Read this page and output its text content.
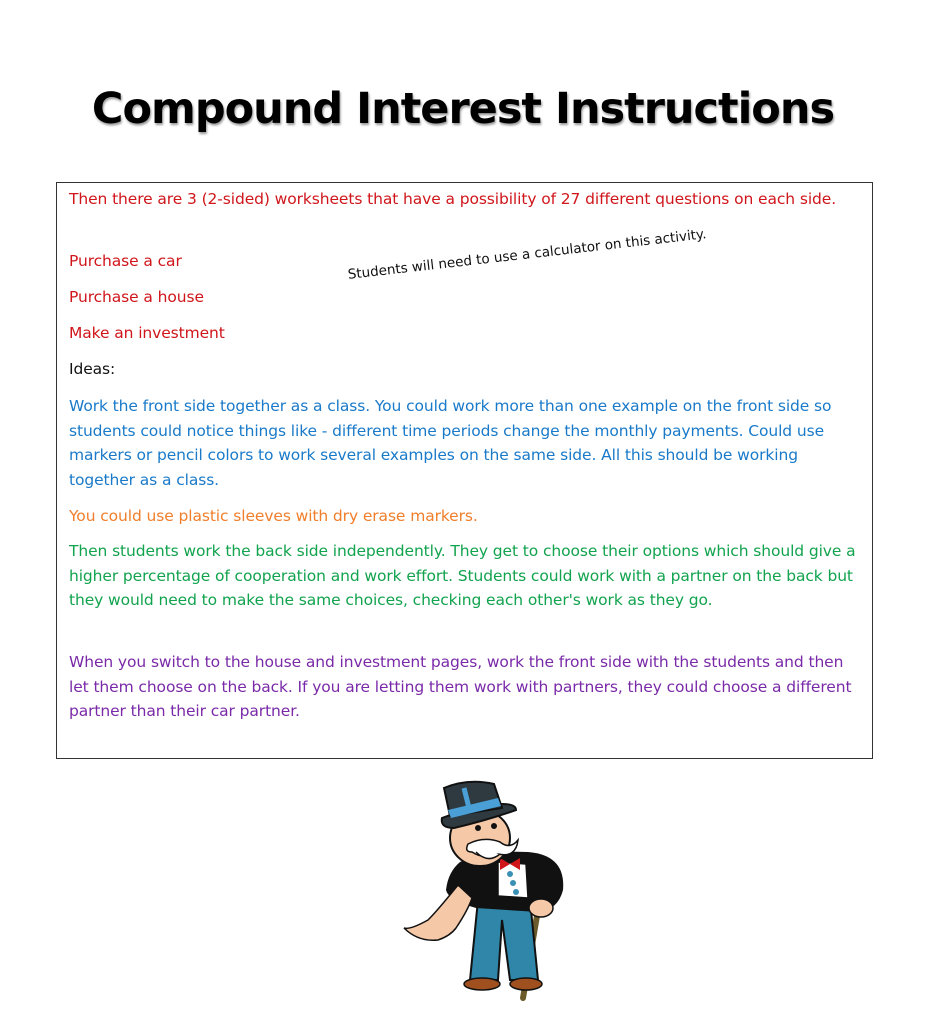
Compound Interest Instructions

Then there are 3 (2-sided) worksheets that have a possibility of 27 different questions on each side.

Purchase a car

Purchase a house

Make an investment

Students will need to use a calculator on this activity.

Ideas:

Work the front side together as a class. You could work more than one example on the front side so students could notice things like - different time periods change the monthly payments. Could use markers or pencil colors to work several examples on the same side. All this should be working together as a class.

You could use plastic sleeves with dry erase markers.

Then students work the back side independently. They get to choose their options which should give a higher percentage of cooperation and work effort. Students could work with a partner on the back but they would need to make the same choices, checking each other's work as they go.

When you switch to the house and investment pages, work the front side with the students and then let them choose on the back. If you are letting them work with partners, they could choose a different partner than their car partner.
